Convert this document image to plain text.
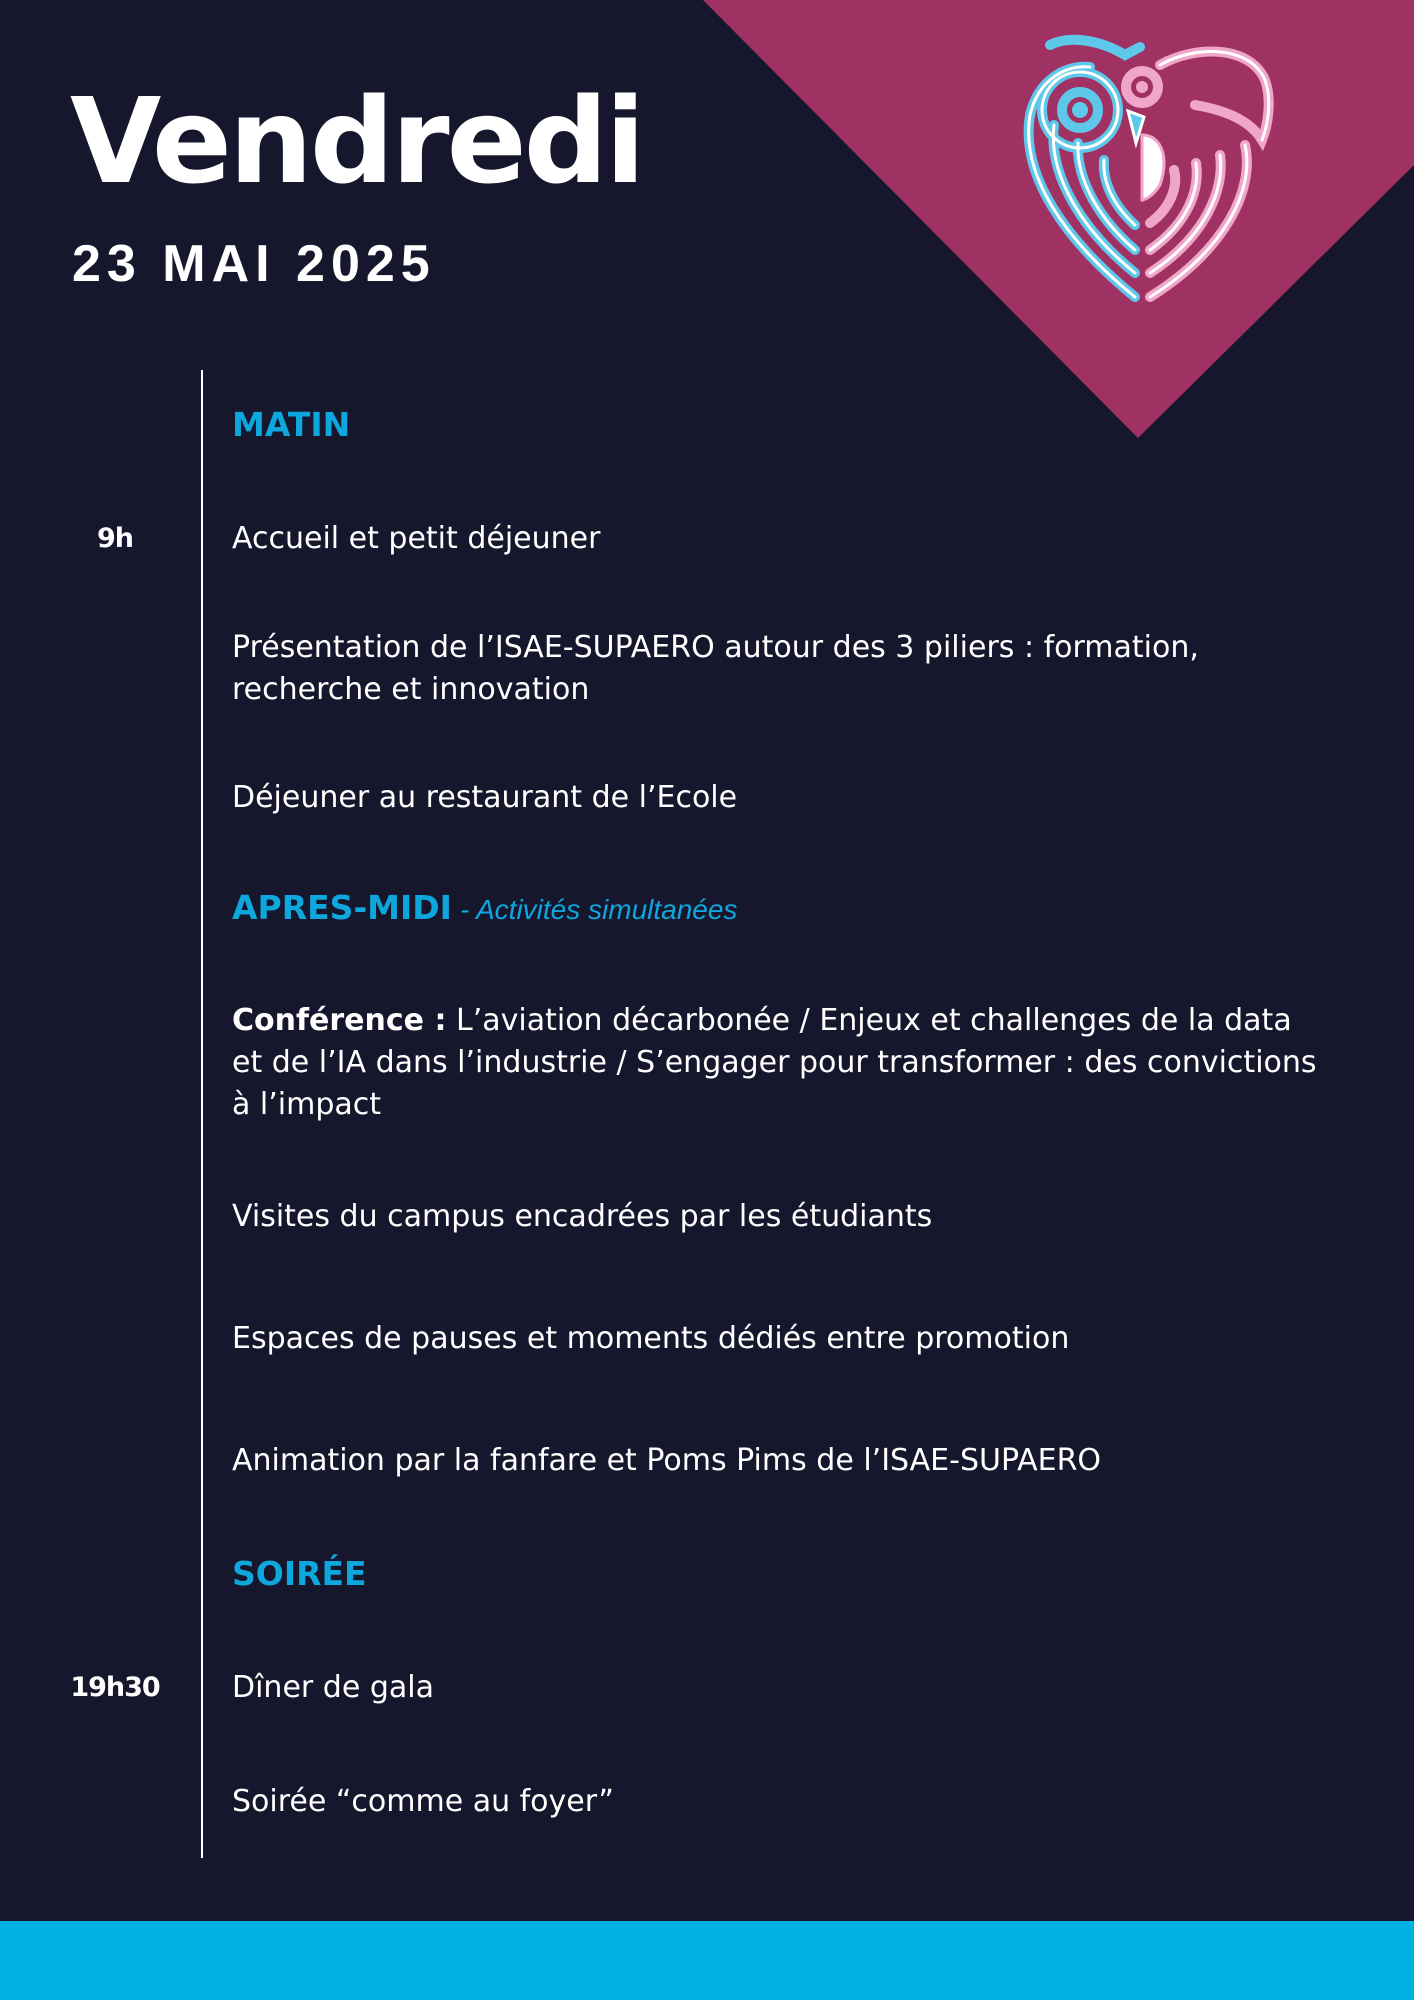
Vendredi
23 MAI 2025
MATIN
9h	Accueil et petit déjeuner
Présentation de l’ISAE-SUPAERO autour des 3 piliers : formation, recherche et innovation
Déjeuner au restaurant de l’Ecole
APRES-MIDI - Activités simultanées
Conférence : L’aviation décarbonée / Enjeux et challenges de la data et de l’IA dans l’industrie / S’engager pour transformer : des convictions à l’impact
Visites du campus encadrées par les étudiants
Espaces de pauses et moments dédiés entre promotion
Animation par la fanfare et Poms Pims de l’ISAE-SUPAERO
SOIRÉE
19h30	Dîner de gala
Soirée “comme au foyer”
